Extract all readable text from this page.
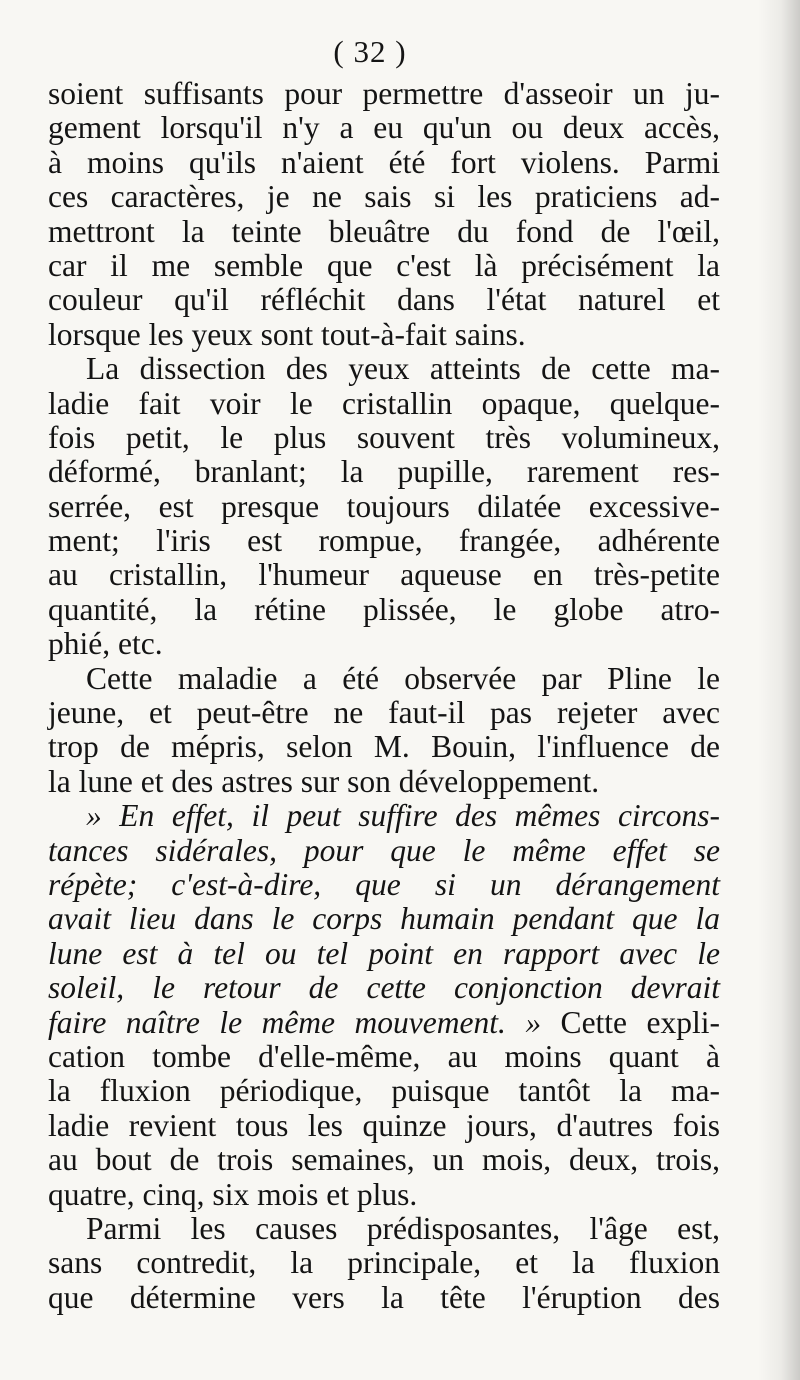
( 32 )
soient suffisants pour permettre d'asseoir un ju-
gement lorsqu'il n'y a eu qu'un ou deux accès,
à moins qu'ils n'aient été fort violens. Parmi
ces caractères, je ne sais si les praticiens ad-
mettront la teinte bleuâtre du fond de l'œil,
car il me semble que c'est là précisément la
couleur qu'il réfléchit dans l'état naturel et
lorsque les yeux sont tout-à-fait sains.
La dissection des yeux atteints de cette ma-
ladie fait voir le cristallin opaque, quelque-
fois petit, le plus souvent très volumineux,
déformé, branlant; la pupille, rarement res-
serrée, est presque toujours dilatée excessive-
ment; l'iris est rompue, frangée, adhérente
au cristallin, l'humeur aqueuse en très-petite
quantité, la rétine plissée, le globe atro-
phié, etc.
Cette maladie a été observée par Pline le
jeune, et peut-être ne faut-il pas rejeter avec
trop de mépris, selon M. Bouin, l'influence de
la lune et des astres sur son développement.
» En effet, il peut suffire des mêmes circons-
tances sidérales, pour que le même effet se
répète; c'est-à-dire, que si un dérangement
avait lieu dans le corps humain pendant que la
lune est à tel ou tel point en rapport avec le
soleil, le retour de cette conjonction devrait
faire naître le même mouvement. » Cette expli-
cation tombe d'elle-même, au moins quant à
la fluxion périodique, puisque tantôt la ma-
ladie revient tous les quinze jours, d'autres fois
au bout de trois semaines, un mois, deux, trois,
quatre, cinq, six mois et plus.
Parmi les causes prédisposantes, l'âge est,
sans contredit, la principale, et la fluxion
que détermine vers la tête l'éruption des
